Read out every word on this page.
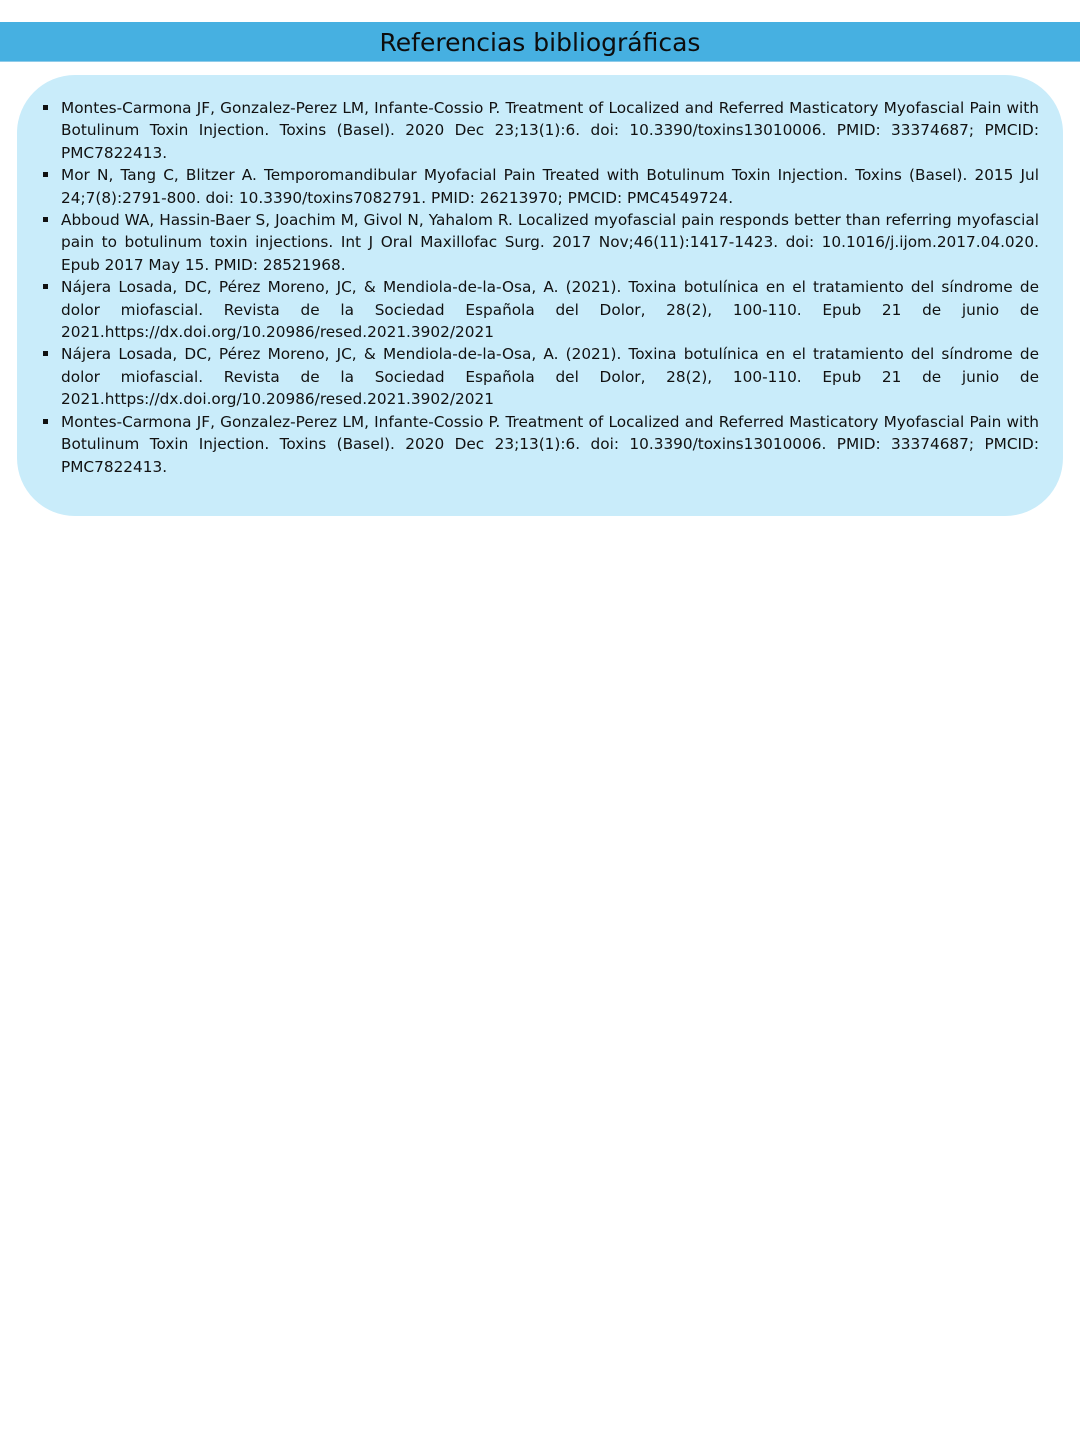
Referencias bibliográficas
Montes-Carmona JF, Gonzalez-Perez LM, Infante-Cossio P. Treatment of Localized and Referred Masticatory Myofascial Pain with Botulinum Toxin Injection. Toxins (Basel). 2020 Dec 23;13(1):6. doi: 10.3390/toxins13010006. PMID: 33374687; PMCID: PMC7822413.
Mor N, Tang C, Blitzer A. Temporomandibular Myofacial Pain Treated with Botulinum Toxin Injection. Toxins (Basel). 2015 Jul 24;7(8):2791-800. doi: 10.3390/toxins7082791. PMID: 26213970; PMCID: PMC4549724.
Abboud WA, Hassin-Baer S, Joachim M, Givol N, Yahalom R. Localized myofascial pain responds better than referring myofascial pain to botulinum toxin injections. Int J Oral Maxillofac Surg. 2017 Nov;46(11):1417-1423. doi: 10.1016/j.ijom.2017.04.020. Epub 2017 May 15. PMID: 28521968.
Nájera Losada, DC, Pérez Moreno, JC, & Mendiola-de-la-Osa, A. (2021). Toxina botulínica en el tratamiento del síndrome de dolor miofascial. Revista de la Sociedad Española del Dolor, 28(2), 100-110. Epub 21 de junio de 2021.https://dx.doi.org/10.20986/resed.2021.3902/2021
Nájera Losada, DC, Pérez Moreno, JC, & Mendiola-de-la-Osa, A. (2021). Toxina botulínica en el tratamiento del síndrome de dolor miofascial. Revista de la Sociedad Española del Dolor, 28(2), 100-110. Epub 21 de junio de 2021.https://dx.doi.org/10.20986/resed.2021.3902/2021
Montes-Carmona JF, Gonzalez-Perez LM, Infante-Cossio P. Treatment of Localized and Referred Masticatory Myofascial Pain with Botulinum Toxin Injection. Toxins (Basel). 2020 Dec 23;13(1):6. doi: 10.3390/toxins13010006. PMID: 33374687; PMCID: PMC7822413.
